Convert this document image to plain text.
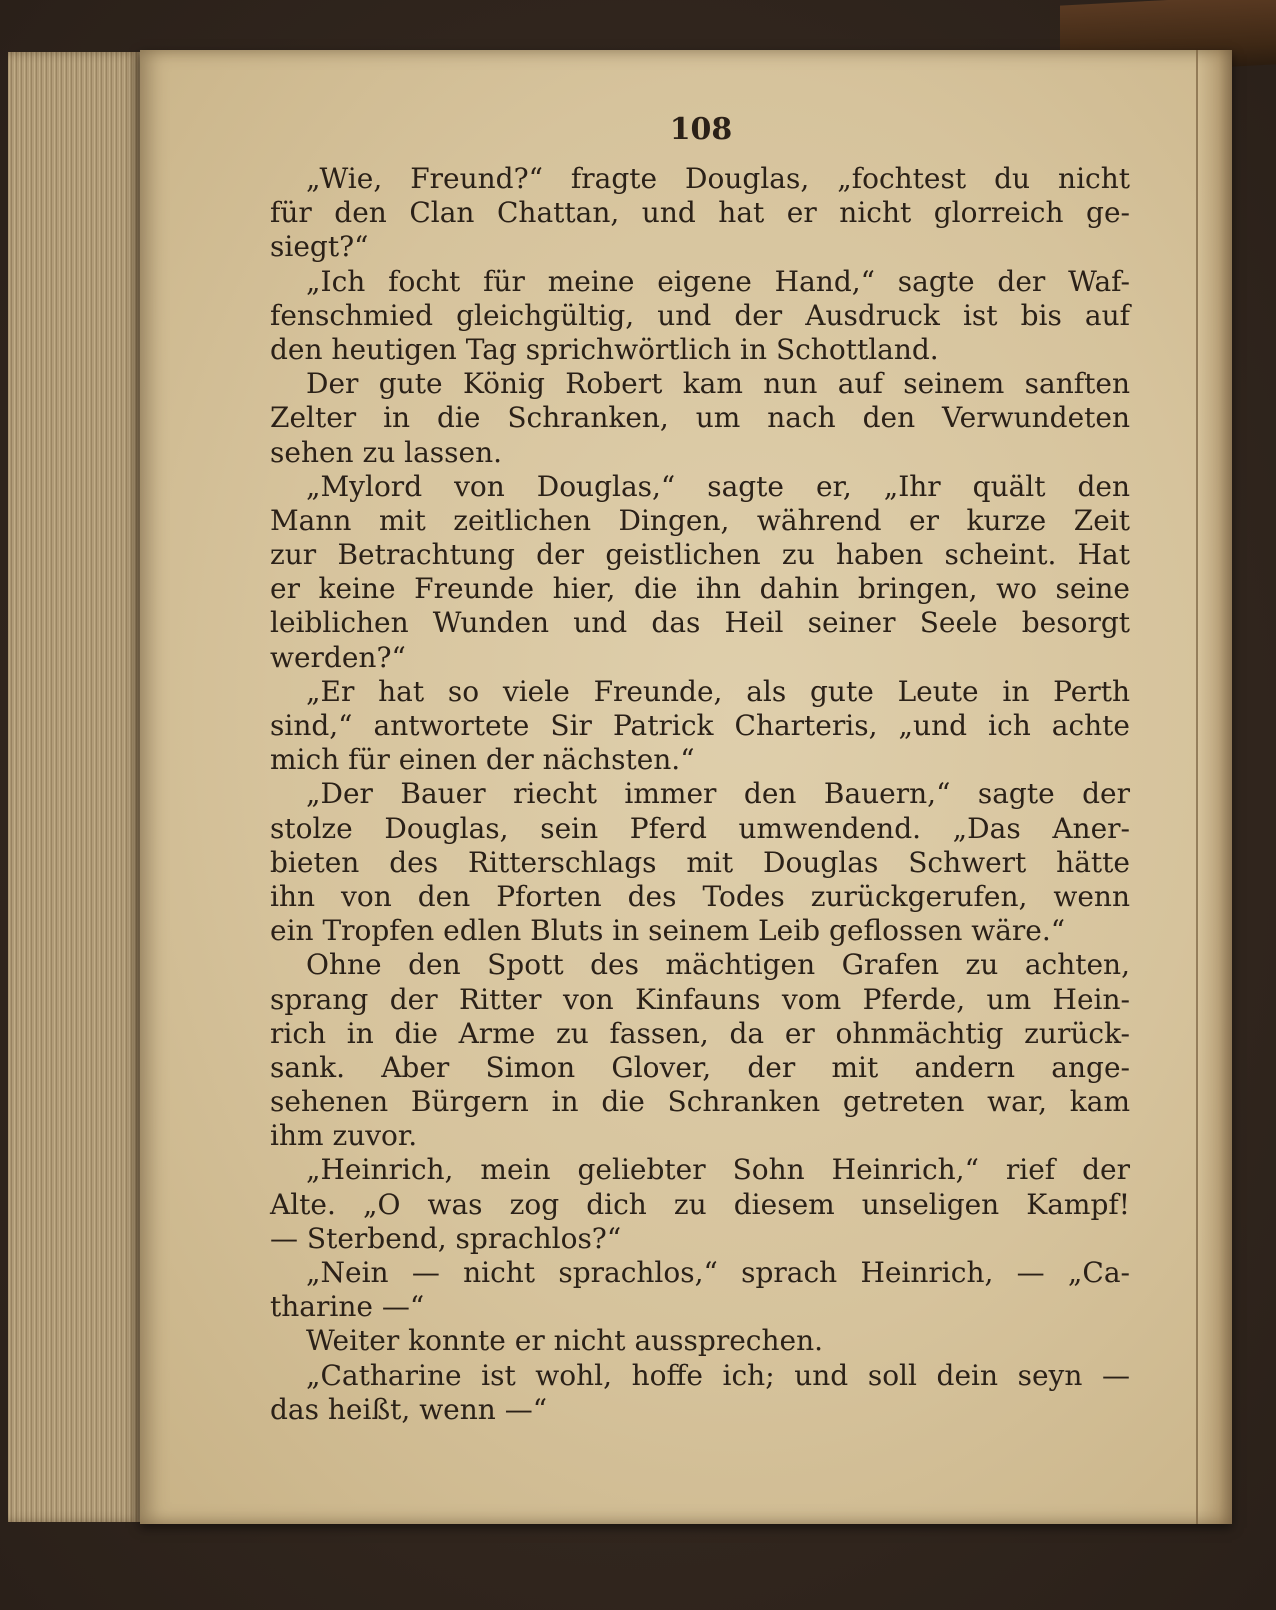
108
„Wie, Freund?“ fragte Douglas, „fochtest du nicht
für den Clan Chattan, und hat er nicht glorreich ge-
siegt?“
„Ich focht für meine eigene Hand,“ sagte der Waf-
fenschmied gleichgültig, und der Ausdruck ist bis auf
den heutigen Tag sprichwörtlich in Schottland.
Der gute König Robert kam nun auf seinem sanften
Zelter in die Schranken, um nach den Verwundeten
sehen zu lassen.
„Mylord von Douglas,“ sagte er, „Ihr quält den
Mann mit zeitlichen Dingen, während er kurze Zeit
zur Betrachtung der geistlichen zu haben scheint. Hat
er keine Freunde hier, die ihn dahin bringen, wo seine
leiblichen Wunden und das Heil seiner Seele besorgt
werden?“
„Er hat so viele Freunde, als gute Leute in Perth
sind,“ antwortete Sir Patrick Charteris, „und ich achte
mich für einen der nächsten.“
„Der Bauer riecht immer den Bauern,“ sagte der
stolze Douglas, sein Pferd umwendend. „Das Aner-
bieten des Ritterschlags mit Douglas Schwert hätte
ihn von den Pforten des Todes zurückgerufen, wenn
ein Tropfen edlen Bluts in seinem Leib geflossen wäre.“
Ohne den Spott des mächtigen Grafen zu achten,
sprang der Ritter von Kinfauns vom Pferde, um Hein-
rich in die Arme zu fassen, da er ohnmächtig zurück-
sank. Aber Simon Glover, der mit andern ange-
sehenen Bürgern in die Schranken getreten war, kam
ihm zuvor.
„Heinrich, mein geliebter Sohn Heinrich,“ rief der
Alte. „O was zog dich zu diesem unseligen Kampf!
— Sterbend, sprachlos?“
„Nein — nicht sprachlos,“ sprach Heinrich, — „Ca-
tharine —“
Weiter konnte er nicht aussprechen.
„Catharine ist wohl, hoffe ich; und soll dein seyn —
das heißt, wenn —“
